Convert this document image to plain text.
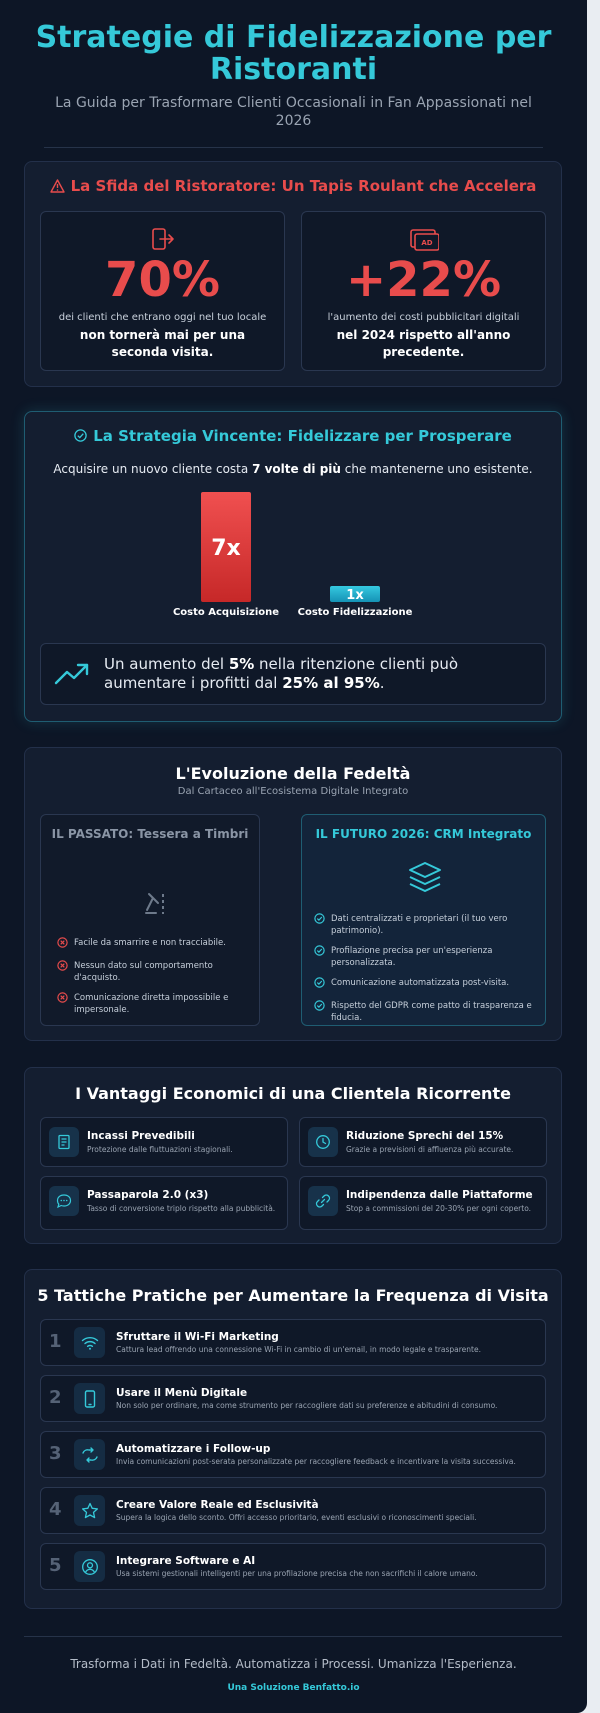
Strategie di Fidelizzazione per Ristoranti
La Guida per Trasformare Clienti Occasionali in Fan Appassionati nel 2026
La Sfida del Ristoratore: Un Tapis Roulant che Accelera
70%
dei clienti che entrano oggi nel tuo locale
non tornerà mai per una seconda visita.
AD
+22%
l'aumento dei costi pubblicitari digitali
nel 2024 rispetto all'anno precedente.
La Strategia Vincente: Fidelizzare per Prosperare
Acquisire un nuovo cliente costa 7 volte di più che mantenerne uno esistente.
7x
1x
Costo Acquisizione	Costo Fidelizzazione
Un aumento del 5% nella ritenzione clienti può aumentare i profitti dal 25% al 95%.
L'Evoluzione della Fedeltà
Dal Cartaceo all'Ecosistema Digitale Integrato
IL PASSATO: Tessera a Timbri
Facile da smarrire e non tracciabile.
Nessun dato sul comportamento d'acquisto.
Comunicazione diretta impossibile e impersonale.
IL FUTURO 2026: CRM Integrato
Dati centralizzati e proprietari (il tuo vero patrimonio).
Profilazione precisa per un'esperienza personalizzata.
Comunicazione automatizzata post-visita.
Rispetto del GDPR come patto di trasparenza e fiducia.
I Vantaggi Economici di una Clientela Ricorrente
Incassi Prevedibili
Protezione dalle fluttuazioni stagionali.
Riduzione Sprechi del 15%
Grazie a previsioni di affluenza più accurate.
Passaparola 2.0 (x3)
Tasso di conversione triplo rispetto alla pubblicità.
Indipendenza dalle Piattaforme
Stop a commissioni del 20-30% per ogni coperto.
5 Tattiche Pratiche per Aumentare la Frequenza di Visita
1	Sfruttare il Wi-Fi Marketing
Cattura lead offrendo una connessione Wi-Fi in cambio di un'email, in modo legale e trasparente.
2	Usare il Menù Digitale
Non solo per ordinare, ma come strumento per raccogliere dati su preferenze e abitudini di consumo.
3	Automatizzare i Follow-up
Invia comunicazioni post-serata personalizzate per raccogliere feedback e incentivare la visita successiva.
4	Creare Valore Reale ed Esclusività
Supera la logica dello sconto. Offri accesso prioritario, eventi esclusivi o riconoscimenti speciali.
5	Integrare Software e AI
Usa sistemi gestionali intelligenti per una profilazione precisa che non sacrifichi il calore umano.
Trasforma i Dati in Fedeltà. Automatizza i Processi. Umanizza l'Esperienza.
Una Soluzione Benfatto.io
